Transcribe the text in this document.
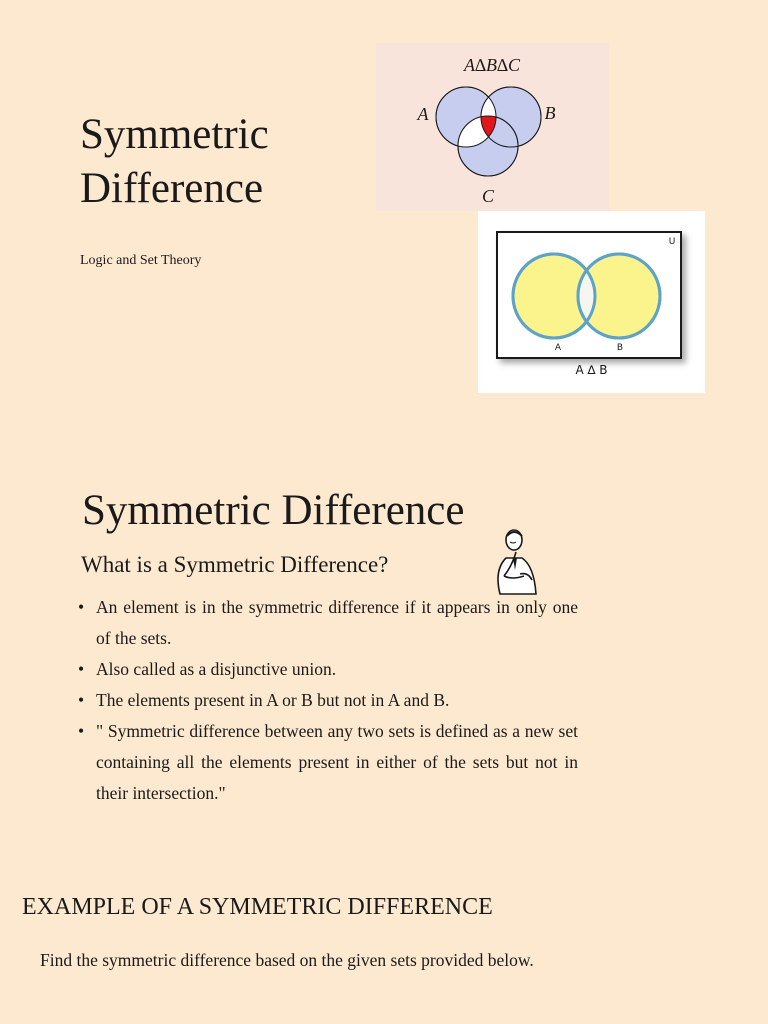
Symmetric
Difference

Logic and Set Theory

A∆B∆C
A	B
C
U
A	B
A ∆ B
Symmetric Difference
What is a Symmetric Difference?
• An element is in the symmetric difference if it appears in only one of the sets.
• Also called as a disjunctive union.
• The elements present in A or B but not in A and B.
• " Symmetric difference between any two sets is defined as a new set containing all the elements present in either of the sets but not in their intersection."
EXAMPLE OF A SYMMETRIC DIFFERENCE

Find the symmetric difference based on the given sets provided below.
